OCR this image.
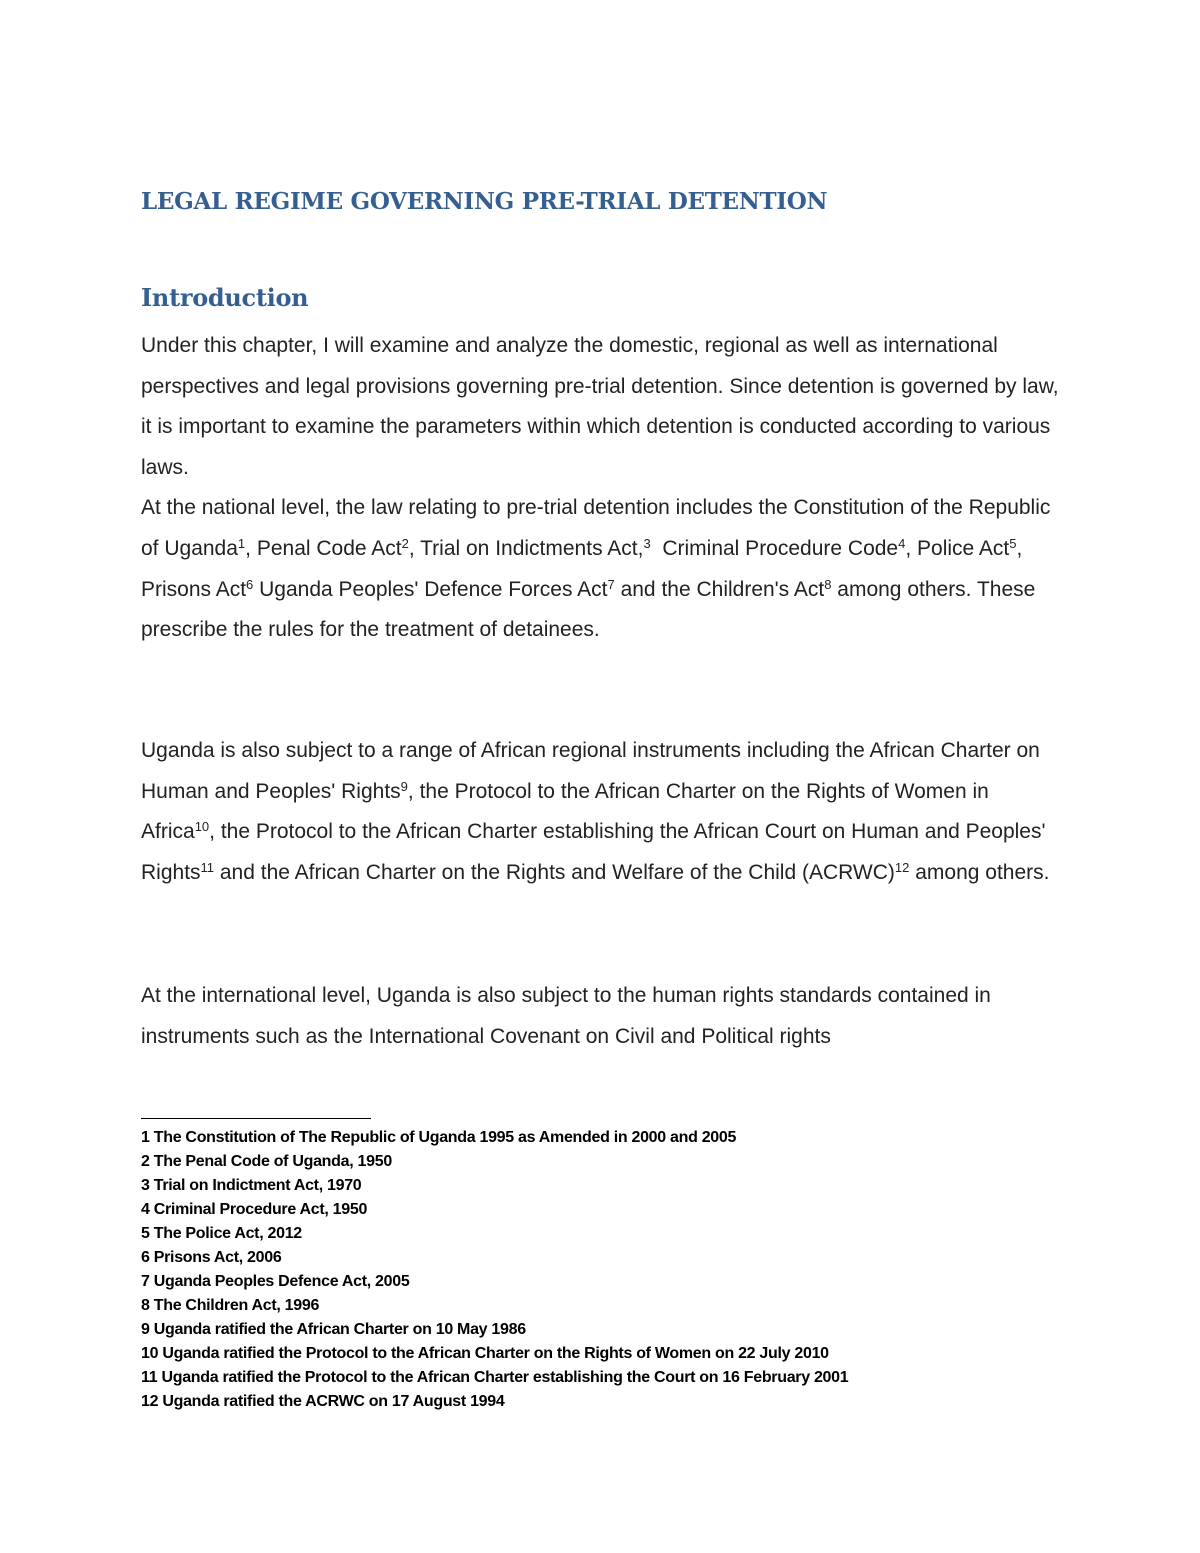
LEGAL REGIME GOVERNING PRE-TRIAL DETENTION
Introduction

Under this chapter, I will examine and analyze the domestic, regional as well as international perspectives and legal provisions governing pre-trial detention. Since detention is governed by law, it is important to examine the parameters within which detention is conducted according to various laws.

At the national level, the law relating to pre-trial detention includes the Constitution of the Republic of Uganda$^1$, Penal Code Act$^2$, Trial on Indictments Act,$^3$  Criminal Procedure Code$^4$, Police Act$^5$, Prisons Act$^6$ Uganda Peoples' Defence Forces Act$^7$ and the Children's Act$^8$ among others. These prescribe the rules for the treatment of detainees.

Uganda is also subject to a range of African regional instruments including the African Charter on Human and Peoples' Rights$^9$, the Protocol to the African Charter on the Rights of Women in Africa$^{10}$, the Protocol to the African Charter establishing the African Court on Human and Peoples' Rights$^{11}$ and the African Charter on the Rights and Welfare of the Child (ACRWC)$^{12}$ among others.

At the international level, Uganda is also subject to the human rights standards contained in instruments such as the International Covenant on Civil and Political rights

1 The Constitution of The Republic of Uganda 1995 as Amended in 2000 and 2005
2 The Penal Code of Uganda, 1950
3 Trial on Indictment Act, 1970
4 Criminal Procedure Act, 1950
5 The Police Act, 2012
6 Prisons Act, 2006
7 Uganda Peoples Defence Act, 2005
8 The Children Act, 1996
9 Uganda ratified the African Charter on 10 May 1986
10 Uganda ratified the Protocol to the African Charter on the Rights of Women on 22 July 2010
11 Uganda ratified the Protocol to the African Charter establishing the Court on 16 February 2001
12 Uganda ratified the ACRWC on 17 August 1994
